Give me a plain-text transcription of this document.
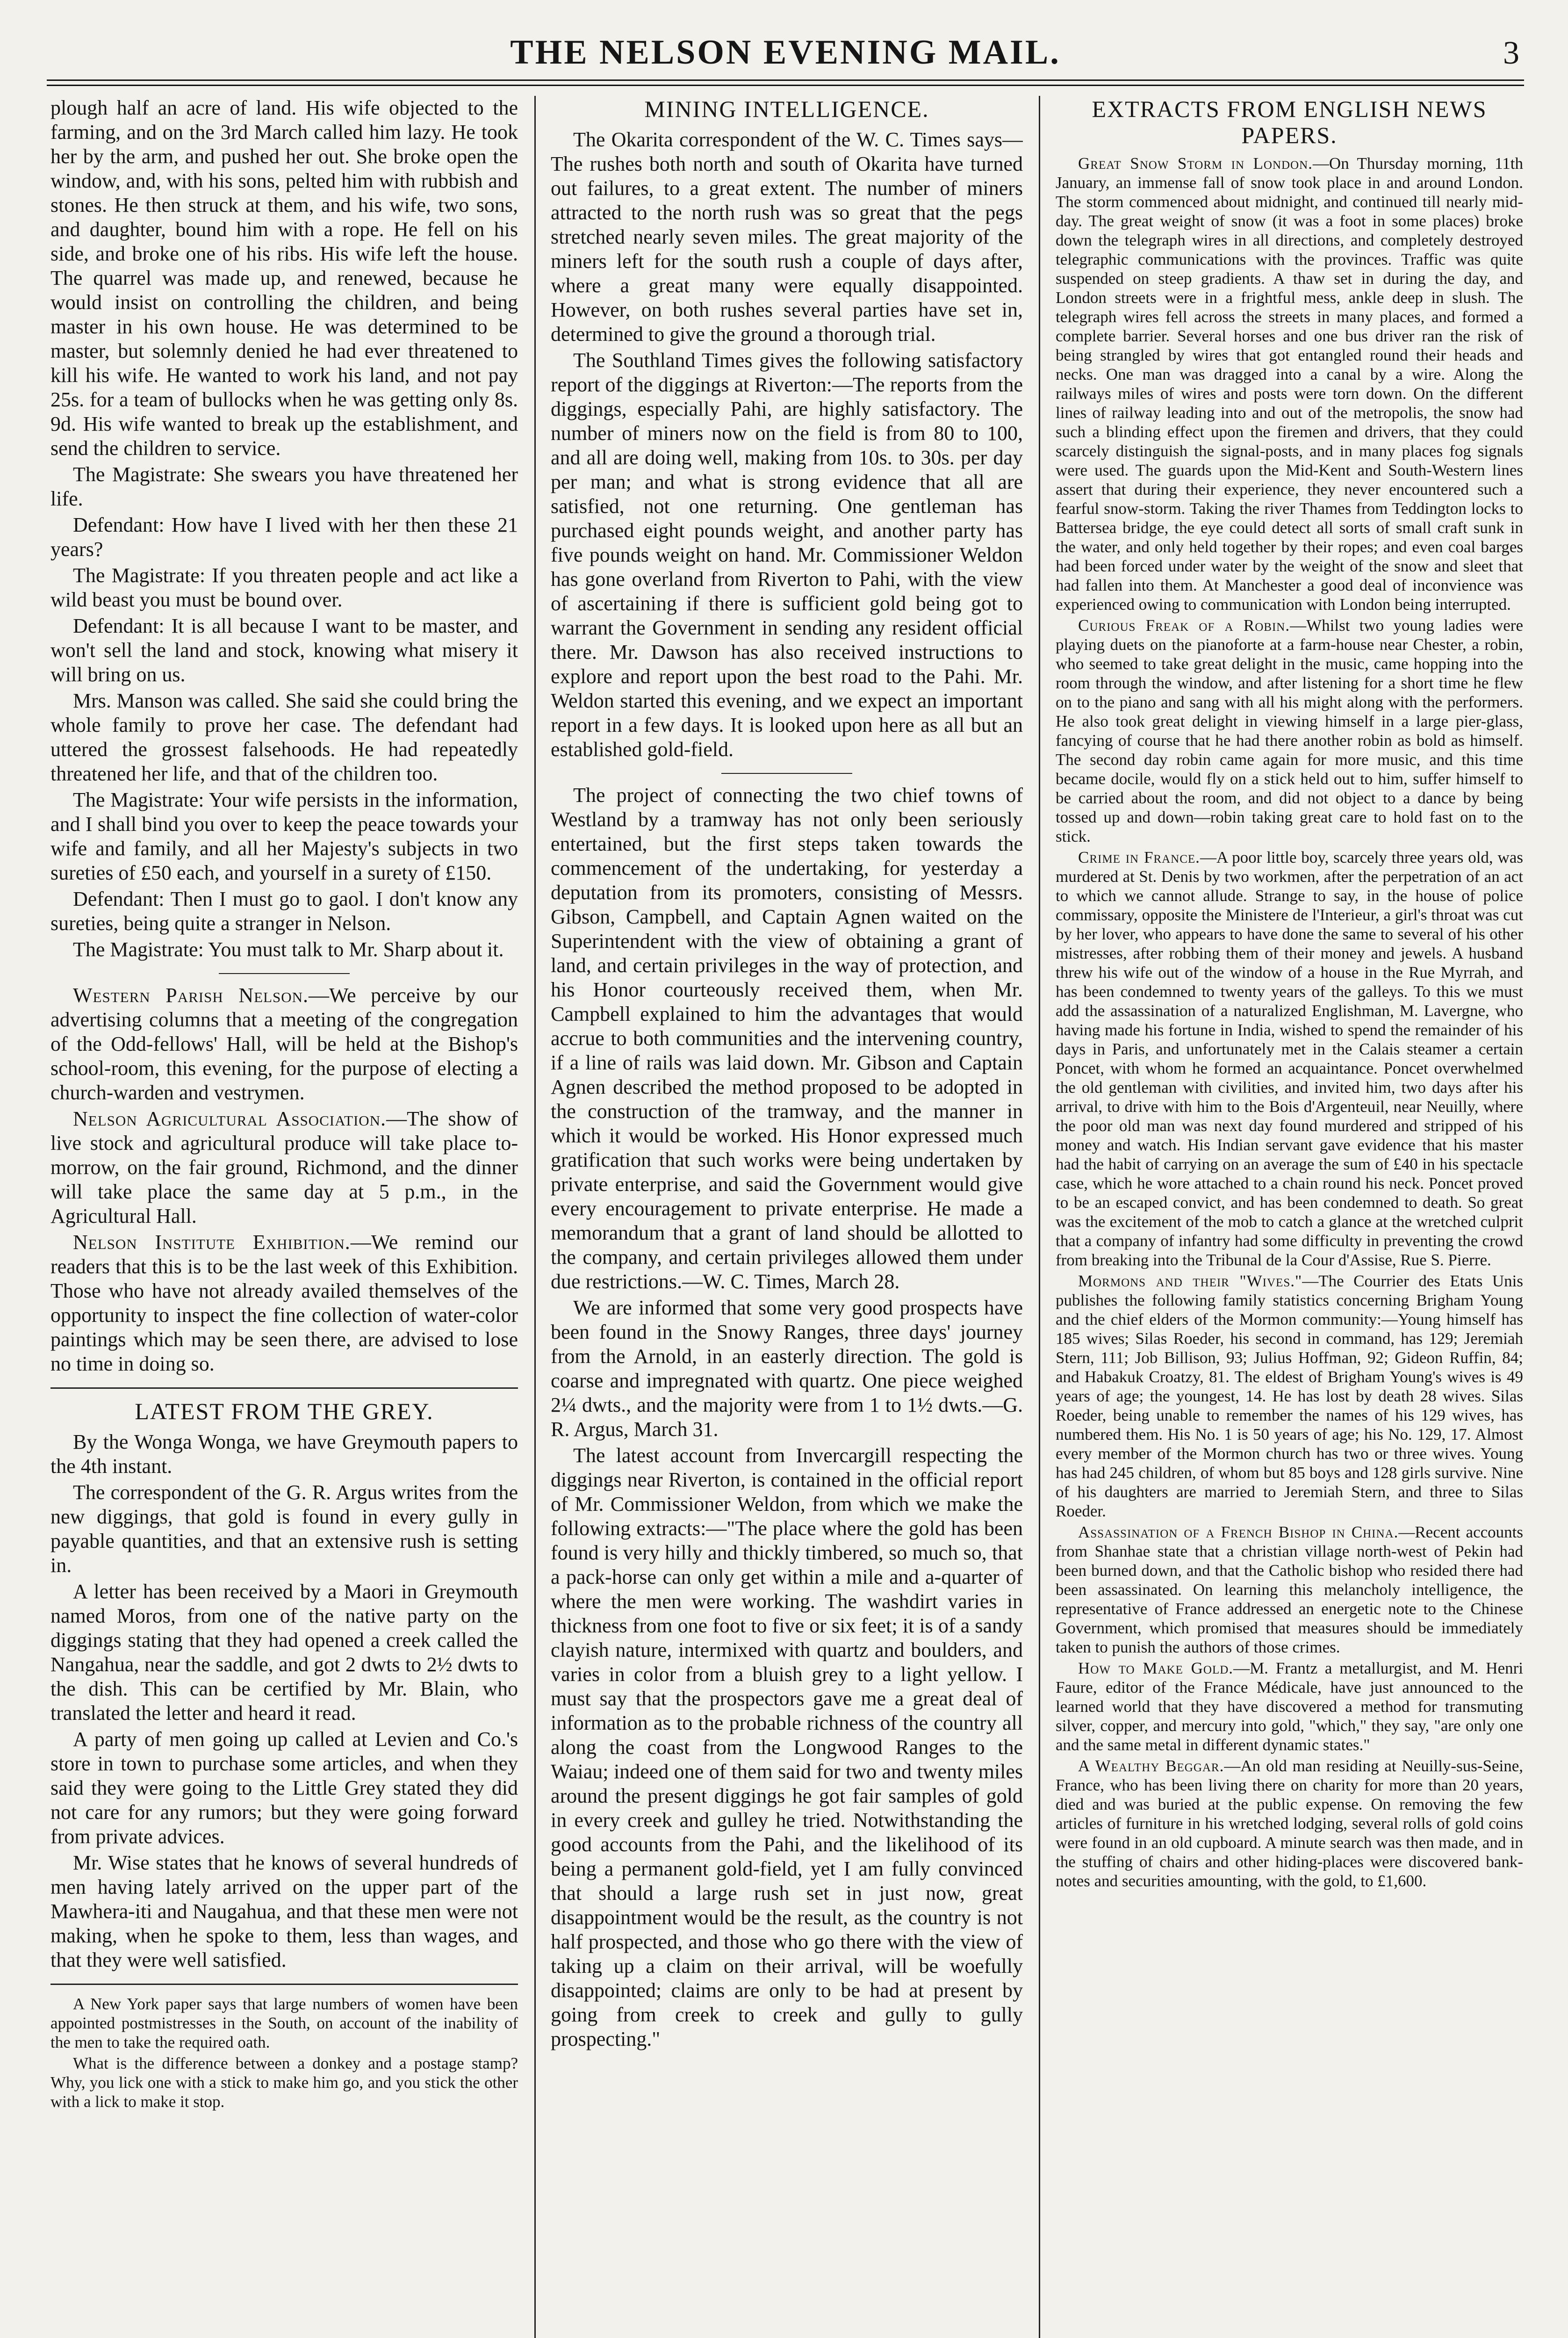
THE NELSON EVENING MAIL.	3

plough half an acre of land. His wife objected to the farming, and on the 3rd March called him lazy. He took her by the arm, and pushed her out. She broke open the window, and, with his sons, pelted him with rubbish and stones. He then struck at them, and his wife, two sons, and daughter, bound him with a rope. He fell on his side, and broke one of his ribs. His wife left the house. The quarrel was made up, and renewed, because he would insist on controlling the children, and being master in his own house. He was determined to be master, but solemnly denied he had ever threatened to kill his wife. He wanted to work his land, and not pay 25s. for a team of bullocks when he was getting only 8s. 9d. His wife wanted to break up the establishment, and send the children to service.

The Magistrate: She swears you have threatened her life.

Defendant: How have I lived with her then these 21 years?

The Magistrate: If you threaten people and act like a wild beast you must be bound over.

Defendant: It is all because I want to be master, and won't sell the land and stock, knowing what misery it will bring on us.

Mrs. Manson was called. She said she could bring the whole family to prove her case. The defendant had uttered the grossest falsehoods. He had repeatedly threatened her life, and that of the children too.

The Magistrate: Your wife persists in the information, and I shall bind you over to keep the peace towards your wife and family, and all her Majesty's subjects in two sureties of £50 each, and yourself in a surety of £150.

Defendant: Then I must go to gaol. I don't know any sureties, being quite a stranger in Nelson.

The Magistrate: You must talk to Mr. Sharp about it.

Western Parish Nelson.—We perceive by our advertising columns that a meeting of the congregation of the Odd-fellows' Hall, will be held at the Bishop's school-room, this evening, for the purpose of electing a church-warden and vestrymen.

Nelson Agricultural Association.—The show of live stock and agricultural produce will take place to-morrow, on the fair ground, Richmond, and the dinner will take place the same day at 5 p.m., in the Agricultural Hall.

Nelson Institute Exhibition.—We remind our readers that this is to be the last week of this Exhibition. Those who have not already availed themselves of the opportunity to inspect the fine collection of water-color paintings which may be seen there, are advised to lose no time in doing so.

LATEST FROM THE GREY.

By the Wonga Wonga, we have Greymouth papers to the 4th instant.

The correspondent of the G. R. Argus writes from the new diggings, that gold is found in every gully in payable quantities, and that an extensive rush is setting in.

A letter has been received by a Maori in Greymouth named Moros, from one of the native party on the diggings stating that they had opened a creek called the Nangahua, near the saddle, and got 2 dwts to 2½ dwts to the dish. This can be certified by Mr. Blain, who translated the letter and heard it read.

A party of men going up called at Levien and Co.'s store in town to purchase some articles, and when they said they were going to the Little Grey stated they did not care for any rumors; but they were going forward from private advices.

Mr. Wise states that he knows of several hundreds of men having lately arrived on the upper part of the Mawhera-iti and Naugahua, and that these men were not making, when he spoke to them, less than wages, and that they were well satisfied.

A New York paper says that large numbers of women have been appointed postmistresses in the South, on account of the inability of the men to take the required oath.

What is the difference between a donkey and a postage stamp? Why, you lick one with a stick to make him go, and you stick the other with a lick to make it stop.

MINING INTELLIGENCE.

The Okarita correspondent of the W. C. Times says—The rushes both north and south of Okarita have turned out failures, to a great extent. The number of miners attracted to the north rush was so great that the pegs stretched nearly seven miles. The great majority of the miners left for the south rush a couple of days after, where a great many were equally disappointed. However, on both rushes several parties have set in, determined to give the ground a thorough trial.

The Southland Times gives the following satisfactory report of the diggings at Riverton:—The reports from the diggings, especially Pahi, are highly satisfactory. The number of miners now on the field is from 80 to 100, and all are doing well, making from 10s. to 30s. per day per man; and what is strong evidence that all are satisfied, not one returning. One gentleman has purchased eight pounds weight, and another party has five pounds weight on hand. Mr. Commissioner Weldon has gone overland from Riverton to Pahi, with the view of ascertaining if there is sufficient gold being got to warrant the Government in sending any resident official there. Mr. Dawson has also received instructions to explore and report upon the best road to the Pahi. Mr. Weldon started this evening, and we expect an important report in a few days. It is looked upon here as all but an established gold-field.

The project of connecting the two chief towns of Westland by a tramway has not only been seriously entertained, but the first steps taken towards the commencement of the undertaking, for yesterday a deputation from its promoters, consisting of Messrs. Gibson, Campbell, and Captain Agnen waited on the Superintendent with the view of obtaining a grant of land, and certain privileges in the way of protection, and his Honor courteously received them, when Mr. Campbell explained to him the advantages that would accrue to both communities and the intervening country, if a line of rails was laid down. Mr. Gibson and Captain Agnen described the method proposed to be adopted in the construction of the tramway, and the manner in which it would be worked. His Honor expressed much gratification that such works were being undertaken by private enterprise, and said the Government would give every encouragement to private enterprise. He made a memorandum that a grant of land should be allotted to the company, and certain privileges allowed them under due restrictions.—W. C. Times, March 28.

We are informed that some very good prospects have been found in the Snowy Ranges, three days' journey from the Arnold, in an easterly direction. The gold is coarse and impregnated with quartz. One piece weighed 2¼ dwts., and the majority were from 1 to 1½ dwts.—G. R. Argus, March 31.

The latest account from Invercargill respecting the diggings near Riverton, is contained in the official report of Mr. Commissioner Weldon, from which we make the following extracts:—"The place where the gold has been found is very hilly and thickly timbered, so much so, that a pack-horse can only get within a mile and a-quarter of where the men were working. The washdirt varies in thickness from one foot to five or six feet; it is of a sandy clayish nature, intermixed with quartz and boulders, and varies in color from a bluish grey to a light yellow. I must say that the prospectors gave me a great deal of information as to the probable richness of the country all along the coast from the Longwood Ranges to the Waiau; indeed one of them said for two and twenty miles around the present diggings he got fair samples of gold in every creek and gulley he tried. Notwithstanding the good accounts from the Pahi, and the likelihood of its being a permanent gold-field, yet I am fully convinced that should a large rush set in just now, great disappointment would be the result, as the country is not half prospected, and those who go there with the view of taking up a claim on their arrival, will be woefully disappointed; claims are only to be had at present by going from creek to creek and gully to gully prospecting."

EXTRACTS FROM ENGLISH NEWS PAPERS.

Great Snow Storm in London.—On Thursday morning, 11th January, an immense fall of snow took place in and around London. The storm commenced about midnight, and continued till nearly mid-day. The great weight of snow (it was a foot in some places) broke down the telegraph wires in all directions, and completely destroyed telegraphic communications with the provinces. Traffic was quite suspended on steep gradients. A thaw set in during the day, and London streets were in a frightful mess, ankle deep in slush. The telegraph wires fell across the streets in many places, and formed a complete barrier. Several horses and one bus driver ran the risk of being strangled by wires that got entangled round their heads and necks. One man was dragged into a canal by a wire. Along the railways miles of wires and posts were torn down. On the different lines of railway leading into and out of the metropolis, the snow had such a blinding effect upon the firemen and drivers, that they could scarcely distinguish the signal-posts, and in many places fog signals were used. The guards upon the Mid-Kent and South-Western lines assert that during their experience, they never encountered such a fearful snow-storm. Taking the river Thames from Teddington locks to Battersea bridge, the eye could detect all sorts of small craft sunk in the water, and only held together by their ropes; and even coal barges had been forced under water by the weight of the snow and sleet that had fallen into them. At Manchester a good deal of inconvience was experienced owing to communication with London being interrupted.

Curious Freak of a Robin.—Whilst two young ladies were playing duets on the pianoforte at a farm-house near Chester, a robin, who seemed to take great delight in the music, came hopping into the room through the window, and after listening for a short time he flew on to the piano and sang with all his might along with the performers. He also took great delight in viewing himself in a large pier-glass, fancying of course that he had there another robin as bold as himself. The second day robin came again for more music, and this time became docile, would fly on a stick held out to him, suffer himself to be carried about the room, and did not object to a dance by being tossed up and down—robin taking great care to hold fast on to the stick.

Crime in France.—A poor little boy, scarcely three years old, was murdered at St. Denis by two workmen, after the perpetration of an act to which we cannot allude. Strange to say, in the house of police commissary, opposite the Ministere de l'Interieur, a girl's throat was cut by her lover, who appears to have done the same to several of his other mistresses, after robbing them of their money and jewels. A husband threw his wife out of the window of a house in the Rue Myrrah, and has been condemned to twenty years of the galleys. To this we must add the assassination of a naturalized Englishman, M. Lavergne, who having made his fortune in India, wished to spend the remainder of his days in Paris, and unfortunately met in the Calais steamer a certain Poncet, with whom he formed an acquaintance. Poncet overwhelmed the old gentleman with civilities, and invited him, two days after his arrival, to drive with him to the Bois d'Argenteuil, near Neuilly, where the poor old man was next day found murdered and stripped of his money and watch. His Indian servant gave evidence that his master had the habit of carrying on an average the sum of £40 in his spectacle case, which he wore attached to a chain round his neck. Poncet proved to be an escaped convict, and has been condemned to death. So great was the excitement of the mob to catch a glance at the wretched culprit that a company of infantry had some difficulty in preventing the crowd from breaking into the Tribunal de la Cour d'Assise, Rue S. Pierre.

Mormons and their "Wives."—The Courrier des Etats Unis publishes the following family statistics concerning Brigham Young and the chief elders of the Mormon community:—Young himself has 185 wives; Silas Roeder, his second in command, has 129; Jeremiah Stern, 111; Job Billison, 93; Julius Hoffman, 92; Gideon Ruffin, 84; and Habakuk Croatzy, 81. The eldest of Brigham Young's wives is 49 years of age; the youngest, 14. He has lost by death 28 wives. Silas Roeder, being unable to remember the names of his 129 wives, has numbered them. His No. 1 is 50 years of age; his No. 129, 17. Almost every member of the Mormon church has two or three wives. Young has had 245 children, of whom but 85 boys and 128 girls survive. Nine of his daughters are married to Jeremiah Stern, and three to Silas Roeder.

Assassination of a French Bishop in China.—Recent accounts from Shanhae state that a christian village north-west of Pekin had been burned down, and that the Catholic bishop who resided there had been assassinated. On learning this melancholy intelligence, the representative of France addressed an energetic note to the Chinese Government, which promised that measures should be immediately taken to punish the authors of those crimes.

How to Make Gold.—M. Frantz a metallurgist, and M. Henri Faure, editor of the France Médicale, have just announced to the learned world that they have discovered a method for transmuting silver, copper, and mercury into gold, "which," they say, "are only one and the same metal in different dynamic states."

A Wealthy Beggar.—An old man residing at Neuilly-sus-Seine, France, who has been living there on charity for more than 20 years, died and was buried at the public expense. On removing the few articles of furniture in his wretched lodging, several rolls of gold coins were found in an old cupboard. A minute search was then made, and in the stuffing of chairs and other hiding-places were discovered bank-notes and securities amounting, with the gold, to £1,600.
